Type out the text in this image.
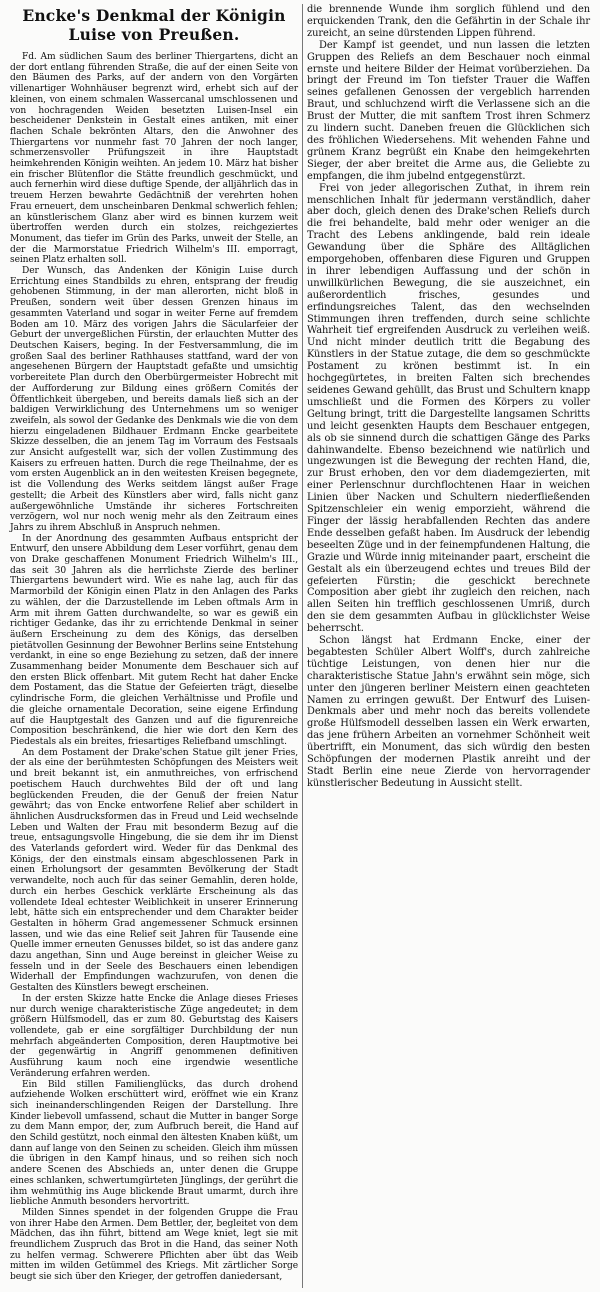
Encke's Denkmal der Königin Luise von Preußen.

Fd. Am südlichen Saum des berliner Thiergartens, dicht an der dort entlang führenden Straße, die auf der einen Seite von den Bäumen des Parks, auf der andern von den Vorgärten villenartiger Wohnhäuser begrenzt wird, erhebt sich auf der kleinen, von einem schmalen Wassercanal umschlossenen und von hochragenden Weiden besetzten Luisen-Insel ein bescheidener Denkstein in Gestalt eines antiken, mit einer flachen Schale bekrönten Altars, den die Anwohner des Thiergartens vor nunmehr fast 70 Jahren der noch langer, schmerzensvoller Prüfungszeit in ihre Hauptstadt heimkehrenden Königin weihten. An jedem 10. März hat bisher ein frischer Blütenflor die Stätte freundlich geschmückt, und auch fernerhin wird diese duftige Spende, der alljährlich das in treuem Herzen bewahrte Gedächtniß der verehrten hohen Frau erneuert, dem unscheinbaren Denkmal schwerlich fehlen; an künstlerischem Glanz aber wird es binnen kurzem weit übertroffen werden durch ein stolzes, reichgeziertes Monument, das tiefer im Grün des Parks, unweit der Stelle, an der die Marmorstatue Friedrich Wilhelm's III. emporragt, seinen Platz erhalten soll.

Der Wunsch, das Andenken der Königin Luise durch Errichtung eines Standbilds zu ehren, entsprang der freudig gehobenen Stimmung, in der man allerorten, nicht bloß in Preußen, sondern weit über dessen Grenzen hinaus im gesammten Vaterland und sogar in weiter Ferne auf fremdem Boden am 10. März des vorigen Jahrs die Säcularfeier der Geburt der unvergeßlichen Fürstin, der erlauchten Mutter des Deutschen Kaisers, beging. In der Festversammlung, die im großen Saal des berliner Rathhauses stattfand, ward der von angesehenen Bürgern der Hauptstadt gefaßte und umsichtig vorbereitete Plan durch den Oberbürgermeister Hobrecht mit der Aufforderung zur Bildung eines größern Comités der Öffentlichkeit übergeben, und bereits damals ließ sich an der baldigen Verwirklichung des Unternehmens um so weniger zweifeln, als sowol der Gedanke des Denkmals wie die von dem hierzu eingeladenen Bildhauer Erdmann Encke gearbeitete Skizze desselben, die an jenem Tag im Vorraum des Festsaals zur Ansicht aufgestellt war, sich der vollen Zustimmung des Kaisers zu erfreuen hatten. Durch die rege Theilnahme, der es vom ersten Augenblick an in den weitesten Kreisen begegnete, ist die Vollendung des Werks seitdem längst außer Frage gestellt; die Arbeit des Künstlers aber wird, falls nicht ganz außergewöhnliche Umstände ihr sicheres Fortschreiten verzögern, wol nur noch wenig mehr als den Zeitraum eines Jahrs zu ihrem Abschluß in Anspruch nehmen.

In der Anordnung des gesammten Aufbaus entspricht der Entwurf, den unsere Abbildung dem Leser vorführt, genau dem von Drake geschaffenen Monument Friedrich Wilhelm's III., das seit 30 Jahren als die herrlichste Zierde des berliner Thiergartens bewundert wird. Wie es nahe lag, auch für das Marmorbild der Königin einen Platz in den Anlagen des Parks zu wählen, der die Darzustellende im Leben oftmals Arm in Arm mit ihrem Gatten durchwandelte, so war es gewiß ein richtiger Gedanke, das ihr zu errichtende Denkmal in seiner äußern Erscheinung zu dem des Königs, das derselben pietätvollen Gesinnung der Bewohner Berlins seine Entstehung verdankt, in eine so enge Beziehung zu setzen, daß der innere Zusammenhang beider Monumente dem Beschauer sich auf den ersten Blick offenbart. Mit gutem Recht hat daher Encke dem Postament, das die Statue der Gefeierten trägt, dieselbe cylindrische Form, die gleichen Verhältnisse und Profile und die gleiche ornamentale Decoration, seine eigene Erfindung auf die Hauptgestalt des Ganzen und auf die figurenreiche Composition beschränkend, die hier wie dort den Kern des Piedestals als ein breites, friesartiges Reliefband umschlingt.

An dem Postament der Drake'schen Statue gilt jener Fries, der als eine der berühmtesten Schöpfungen des Meisters weit und breit bekannt ist, ein anmuthreiches, von erfrischend poetischem Hauch durchwehtes Bild der oft und lang beglückenden Freuden, die der Genuß der freien Natur gewährt; das von Encke entworfene Relief aber schildert in ähnlichen Ausdrucksformen das in Freud und Leid wechselnde Leben und Walten der Frau mit besonderm Bezug auf die treue, entsagungsvolle Hingebung, die sie dem ihr im Dienst des Vaterlands gefordert wird. Weder für das Denkmal des Königs, der den einstmals einsam abgeschlossenen Park in einen Erholungsort der gesammten Bevölkerung der Stadt verwandelte, noch auch für das seiner Gemahlin, deren holde, durch ein herbes Geschick verklärte Erscheinung als das vollendete Ideal echtester Weiblichkeit in unserer Erinnerung lebt, hätte sich ein entsprechender und dem Charakter beider Gestalten in höherm Grad angemessener Schmuck ersinnen lassen, und wie das eine Relief seit Jahren für Tausende eine Quelle immer erneuten Genusses bildet, so ist das andere ganz dazu angethan, Sinn und Auge bereinst in gleicher Weise zu fesseln und in der Seele des Beschauers einen lebendigen Widerhall der Empfindungen wachzurufen, von denen die Gestalten des Künstlers bewegt erscheinen.

In der ersten Skizze hatte Encke die Anlage dieses Frieses nur durch wenige charakteristische Züge angedeutet; in dem größern Hülfsmodell, das er zum 80. Geburtstag des Kaisers vollendete, gab er eine sorgfältiger Durchbildung der nun mehrfach abgeänderten Composition, deren Hauptmotive bei der gegenwärtig in Angriff genommenen definitiven Ausführung kaum noch eine irgendwie wesentliche Veränderung erfahren werden.

Ein Bild stillen Familienglücks, das durch drohend aufziehende Wolken erschüttert wird, eröffnet wie ein Kranz sich ineinanderschlingenden Reigen der Darstellung. Ihre Kinder liebevoll umfassend, schaut die Mutter in banger Sorge zu dem Mann empor, der, zum Aufbruch bereit, die Hand auf den Schild gestützt, noch einmal den ältesten Knaben küßt, um dann auf lange von den Seinen zu scheiden. Gleich ihm müssen die übrigen in den Kampf hinaus, und so reihen sich noch andere Scenen des Abschieds an, unter denen die Gruppe eines schlanken, schwertumgürteten Jünglings, der gerührt die ihm wehmüthig ins Auge blickende Braut umarmt, durch ihre liebliche Anmuth besonders hervortritt.

Milden Sinnes spendet in der folgenden Gruppe die Frau von ihrer Habe den Armen. Dem Bettler, der, begleitet von dem Mädchen, das ihn führt, bittend am Wege kniet, legt sie mit freundlichem Zuspruch das Brot in die Hand, das seiner Noth zu helfen vermag. Schwerere Pflichten aber übt das Weib mitten im wilden Getümmel des Kriegs. Mit zärtlicher Sorge beugt sie sich über den Krieger, der getroffen daniedersant,

die brennende Wunde ihm sorglich fühlend und den erquickenden Trank, den die Gefährtin in der Schale ihr zureicht, an seine dürstenden Lippen führend.

Der Kampf ist geendet, und nun lassen die letzten Gruppen des Reliefs an dem Beschauer noch einmal ernste und heitere Bilder der Heimat vorüberziehen. Da bringt der Freund im Ton tiefster Trauer die Waffen seines gefallenen Genossen der vergeblich harrenden Braut, und schluchzend wirft die Verlassene sich an die Brust der Mutter, die mit sanftem Trost ihren Schmerz zu lindern sucht. Daneben freuen die Glücklichen sich des fröhlichen Wiedersehens. Mit wehenden Fahne und grünem Kranz begrüßt ein Knabe den heimgekehrten Sieger, der aber breitet die Arme aus, die Geliebte zu empfangen, die ihm jubelnd entgegenstürzt.

Frei von jeder allegorischen Zuthat, in ihrem rein menschlichen Inhalt für jedermann verständlich, daher aber doch, gleich denen des Drake'schen Reliefs durch die frei behandelte, bald mehr oder weniger an die Tracht des Lebens anklingende, bald rein ideale Gewandung über die Sphäre des Alltäglichen emporgehoben, offenbaren diese Figuren und Gruppen in ihrer lebendigen Auffassung und der schön in unwillkürlichen Bewegung, die sie auszeichnet, ein außerordentlich frisches, gesundes und erfindungsreiches Talent, das den wechselnden Stimmungen ihren treffenden, durch seine schlichte Wahrheit tief ergreifenden Ausdruck zu verleihen weiß. Und nicht minder deutlich tritt die Begabung des Künstlers in der Statue zutage, die dem so geschmückte Postament zu krönen bestimmt ist. In ein hochgegürtetes, in breiten Falten sich brechendes seidenes Gewand gehüllt, das Brust und Schultern knapp umschließt und die Formen des Körpers zu voller Geltung bringt, tritt die Dargestellte langsamen Schritts und leicht gesenkten Haupts dem Beschauer entgegen, als ob sie sinnend durch die schattigen Gänge des Parks dahinwandelte. Ebenso bezeichnend wie natürlich und ungezwungen ist die Bewegung der rechten Hand, die, zur Brust erhoben, den vor dem diademgezierten, mit einer Perlenschnur durchflochtenen Haar in weichen Linien über Nacken und Schultern niederfließenden Spitzenschleier ein wenig emporzieht, während die Finger der lässig herabfallenden Rechten das andere Ende desselben gefaßt haben. Im Ausdruck der lebendig beseelten Züge und in der feinempfundenen Haltung, die Grazie und Würde innig miteinander paart, erscheint die Gestalt als ein überzeugend echtes und treues Bild der gefeierten Fürstin; die geschickt berechnete Composition aber giebt ihr zugleich den reichen, nach allen Seiten hin trefflich geschlossenen Umriß, durch den sie dem gesammten Aufbau in glücklichster Weise beherrscht.

Schon längst hat Erdmann Encke, einer der begabtesten Schüler Albert Wolff's, durch zahlreiche tüchtige Leistungen, von denen hier nur die charakteristische Statue Jahn's erwähnt sein möge, sich unter den jüngeren berliner Meistern einen geachteten Namen zu erringen gewußt. Der Entwurf des Luisen-Denkmals aber und mehr noch das bereits vollendete große Hülfsmodell desselben lassen ein Werk erwarten, das jene frühern Arbeiten an vornehmer Schönheit weit übertrifft, ein Monument, das sich würdig den besten Schöpfungen der modernen Plastik anreiht und der Stadt Berlin eine neue Zierde von hervorragender künstlerischer Bedeutung in Aussicht stellt.
